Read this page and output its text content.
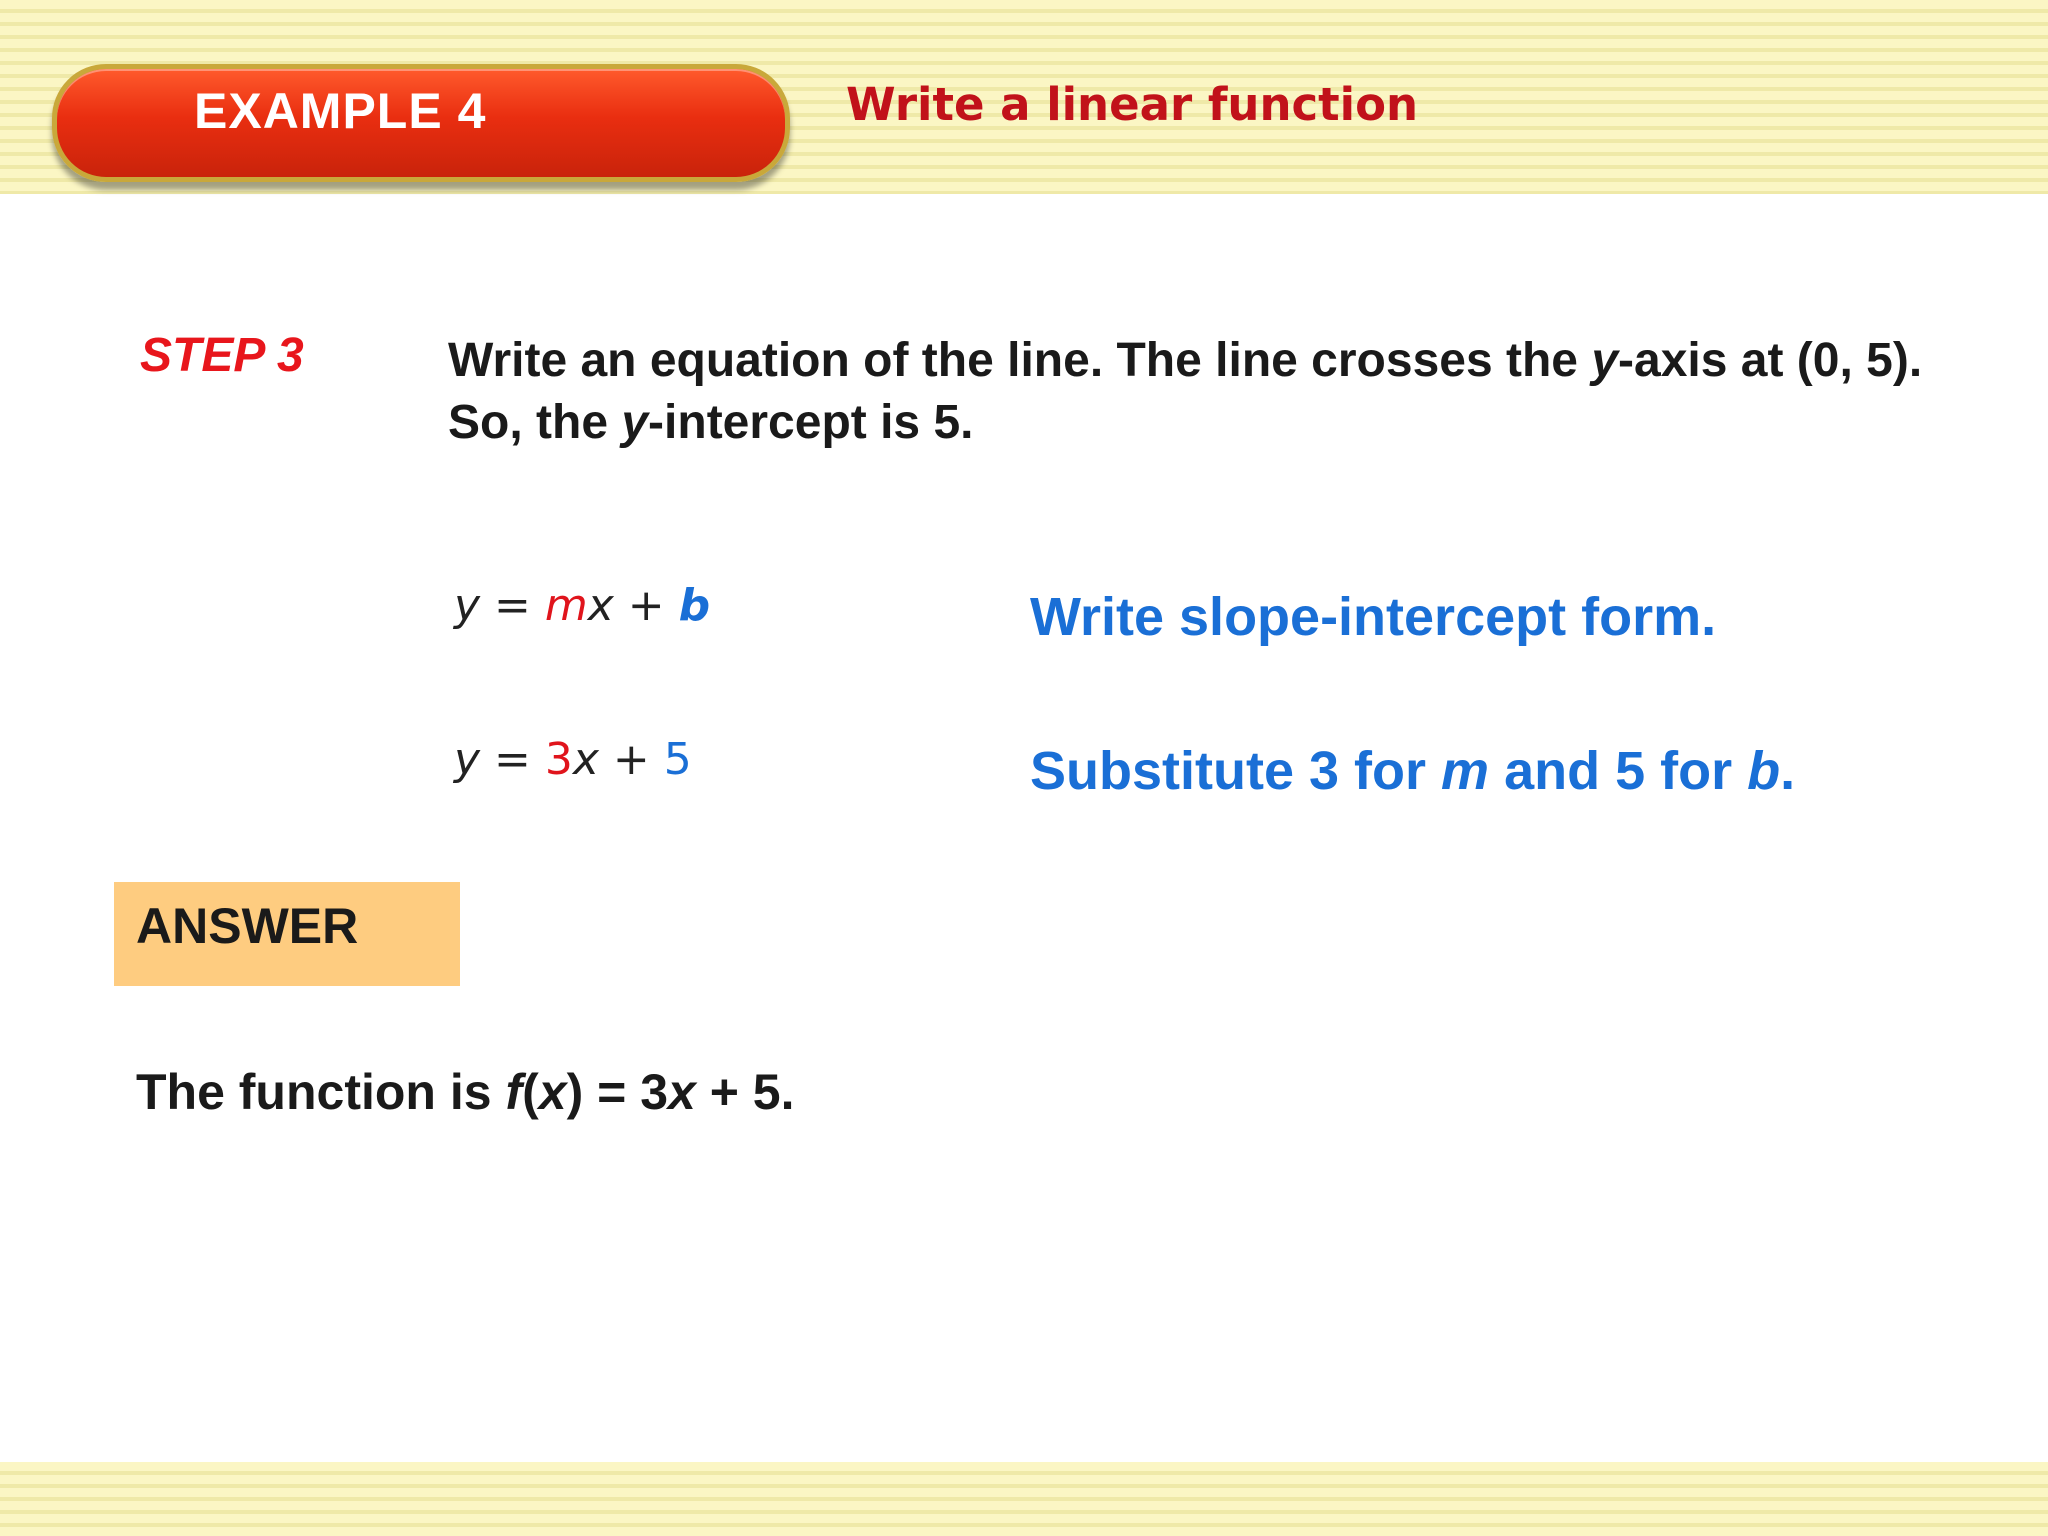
EXAMPLE 4	Write a linear function
STEP 3	Write an equation of the line. The line crosses the y-axis at (0, 5). So, the y-intercept is 5.
y = mx + b	Write slope-intercept form.
y = 3x + 5	Substitute 3 for m and 5 for b.
ANSWER
The function is f(x) = 3x + 5.
